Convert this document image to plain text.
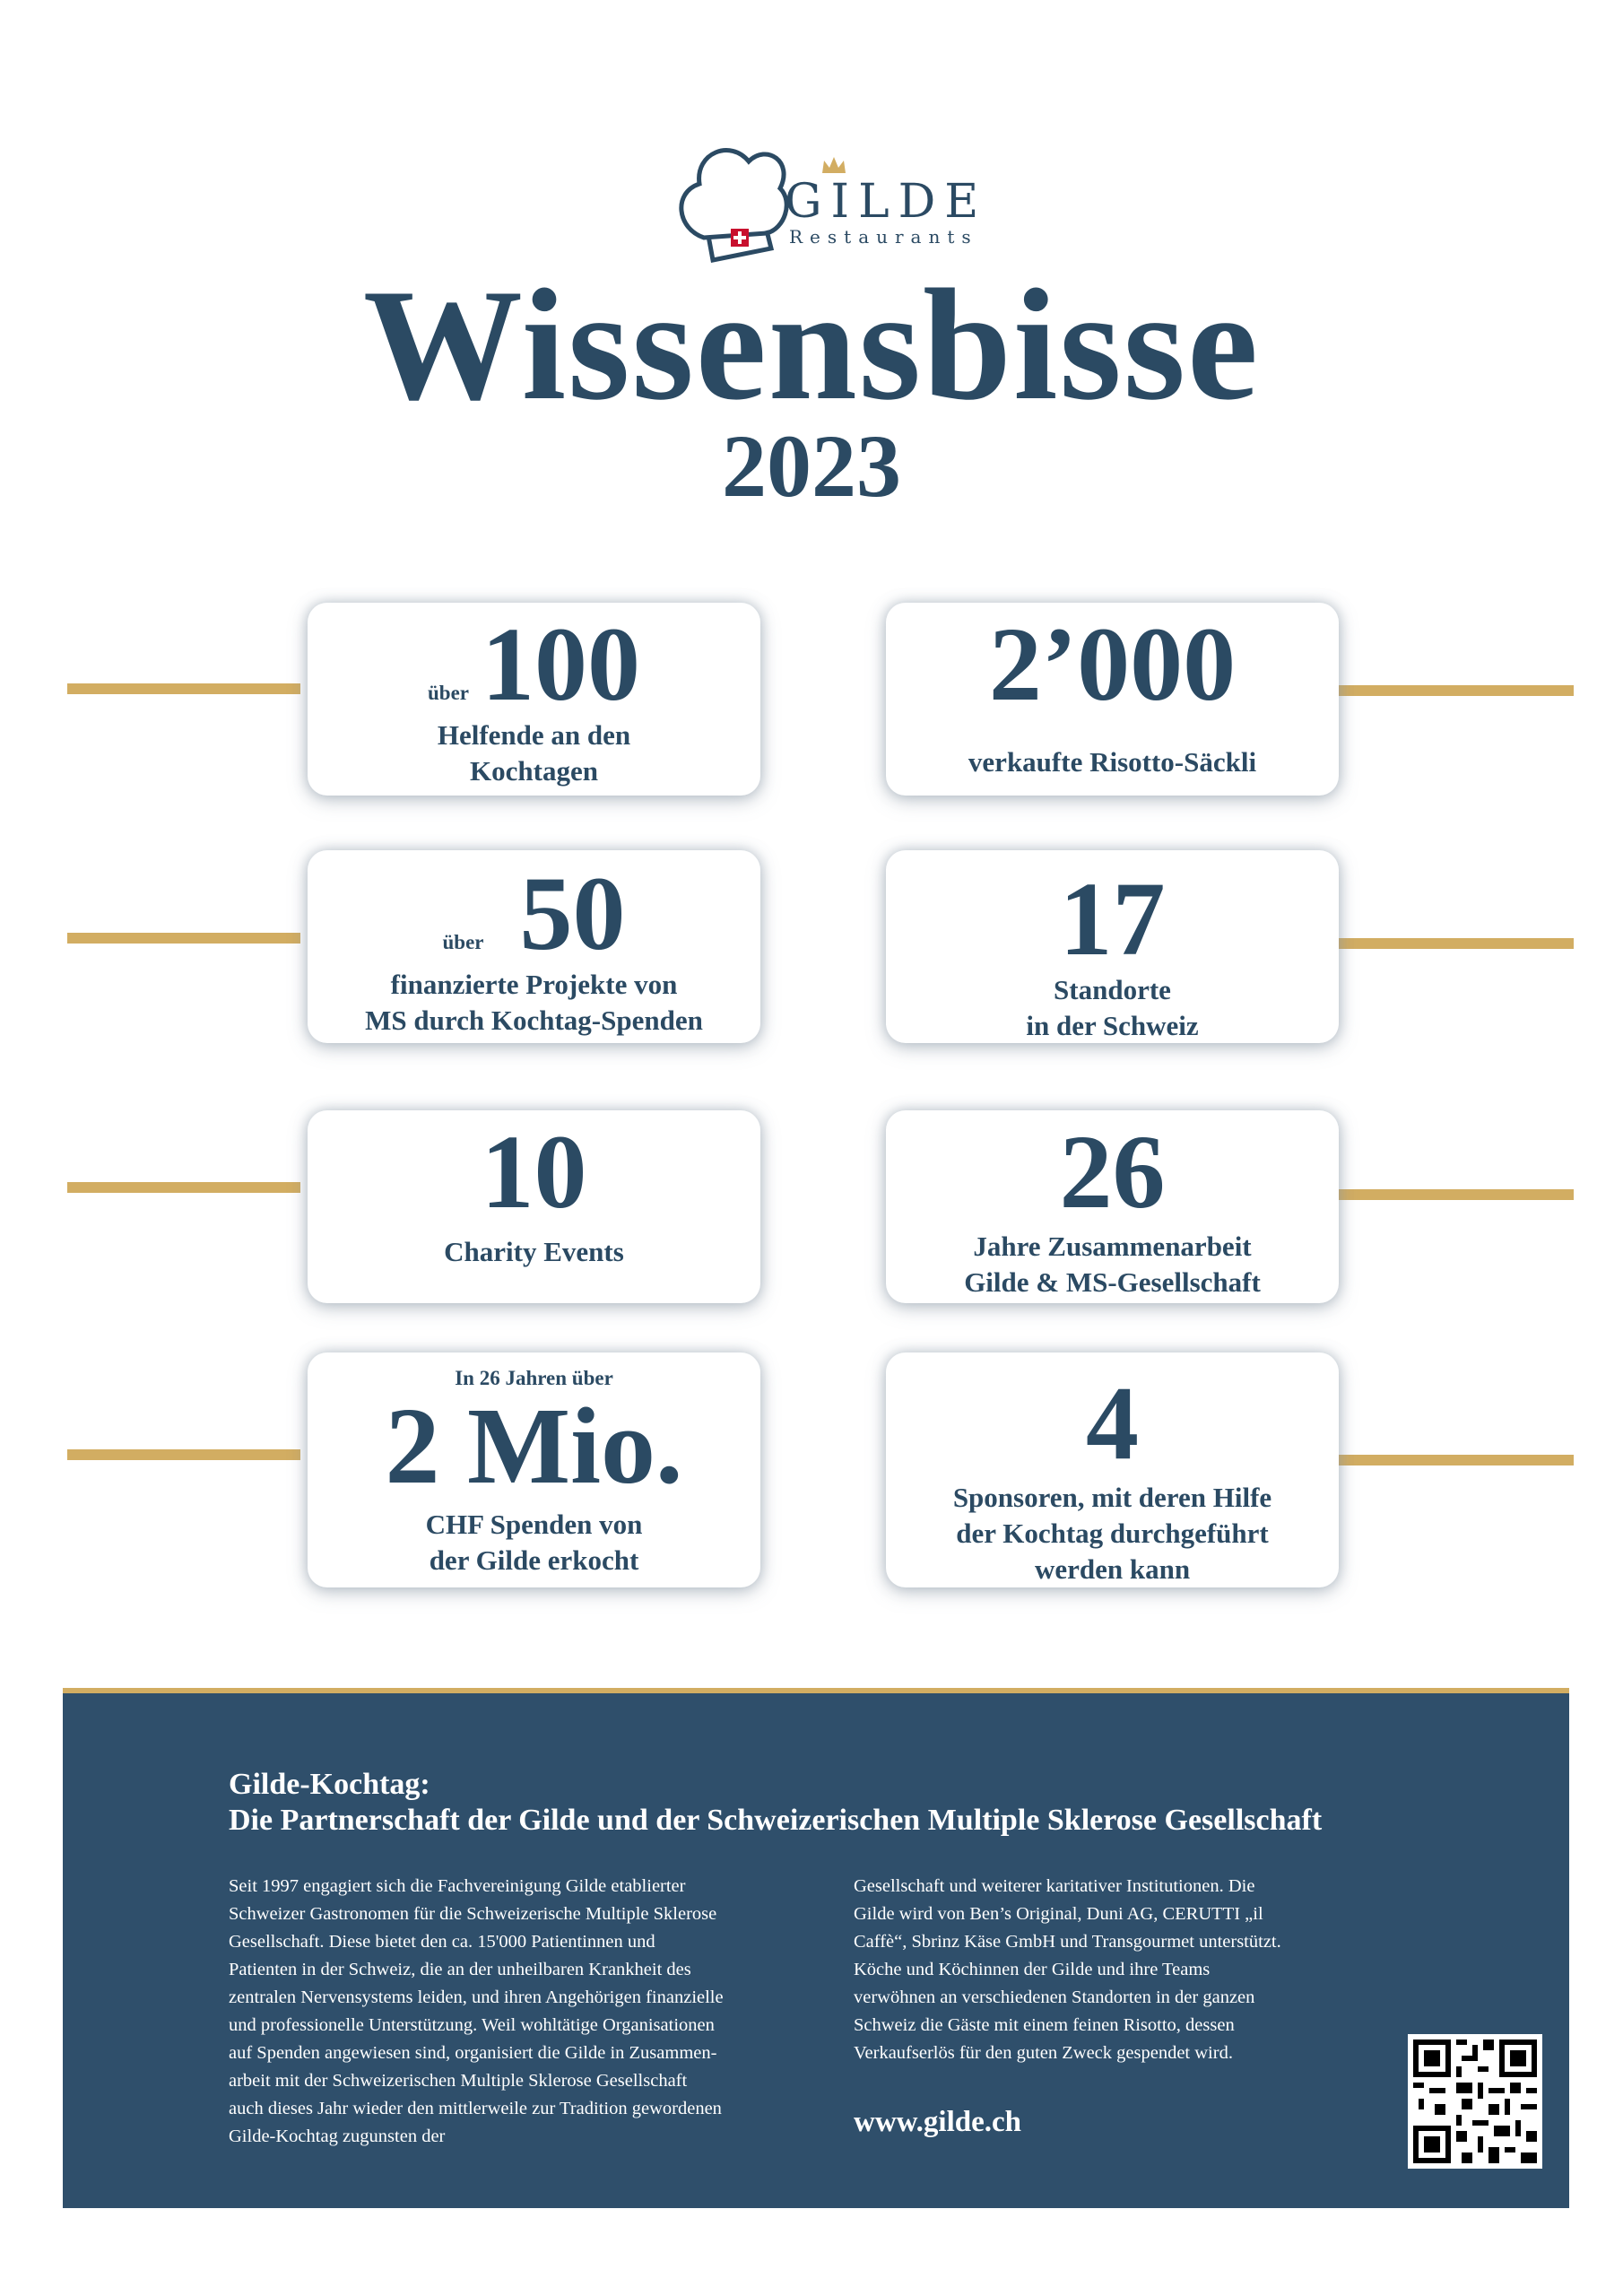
GILDE
Restaurants
Wissensbisse
2023
über 100
Helfende an den
Kochtagen
2’000
verkaufte Risotto-Säckli
über 50
finanzierte Projekte von
MS durch Kochtag-Spenden
17
Standorte
in der Schweiz
10
Charity Events
26
Jahre Zusammenarbeit
Gilde & MS-Gesellschaft
In 26 Jahren über
2 Mio.
CHF Spenden von
der Gilde erkocht
4
Sponsoren, mit deren Hilfe
der Kochtag durchgeführt
werden kann
Gilde-Kochtag:
Die Partnerschaft der Gilde und der Schweizerischen Multiple Sklerose Gesellschaft
Seit 1997 engagiert sich die Fachvereinigung Gilde etablierter
Schweizer Gastronomen für die Schweizerische Multiple Sklerose
Gesellschaft. Diese bietet den ca. 15'000 Patientinnen und
Patienten in der Schweiz, die an der unheilbaren Krankheit des
zentralen Nervensystems leiden, und ihren Angehörigen finanzielle
und professionelle Unterstützung. Weil wohltätige Organisationen
auf Spenden angewiesen sind, organisiert die Gilde in Zusammen-
arbeit mit der Schweizerischen Multiple Sklerose Gesellschaft
auch dieses Jahr wieder den mittlerweile zur Tradition gewordenen
Gilde-Kochtag zugunsten der
Gesellschaft und weiterer karitativer Institutionen. Die
Gilde wird von Ben’s Original, Duni AG, CERUTTI „il
Caffè“, Sbrinz Käse GmbH und Transgourmet unterstützt.
Köche und Köchinnen der Gilde und ihre Teams
verwöhnen an verschiedenen Standorten in der ganzen
Schweiz die Gäste mit einem feinen Risotto, dessen
Verkaufserlös für den guten Zweck gespendet wird.
www.gilde.ch
